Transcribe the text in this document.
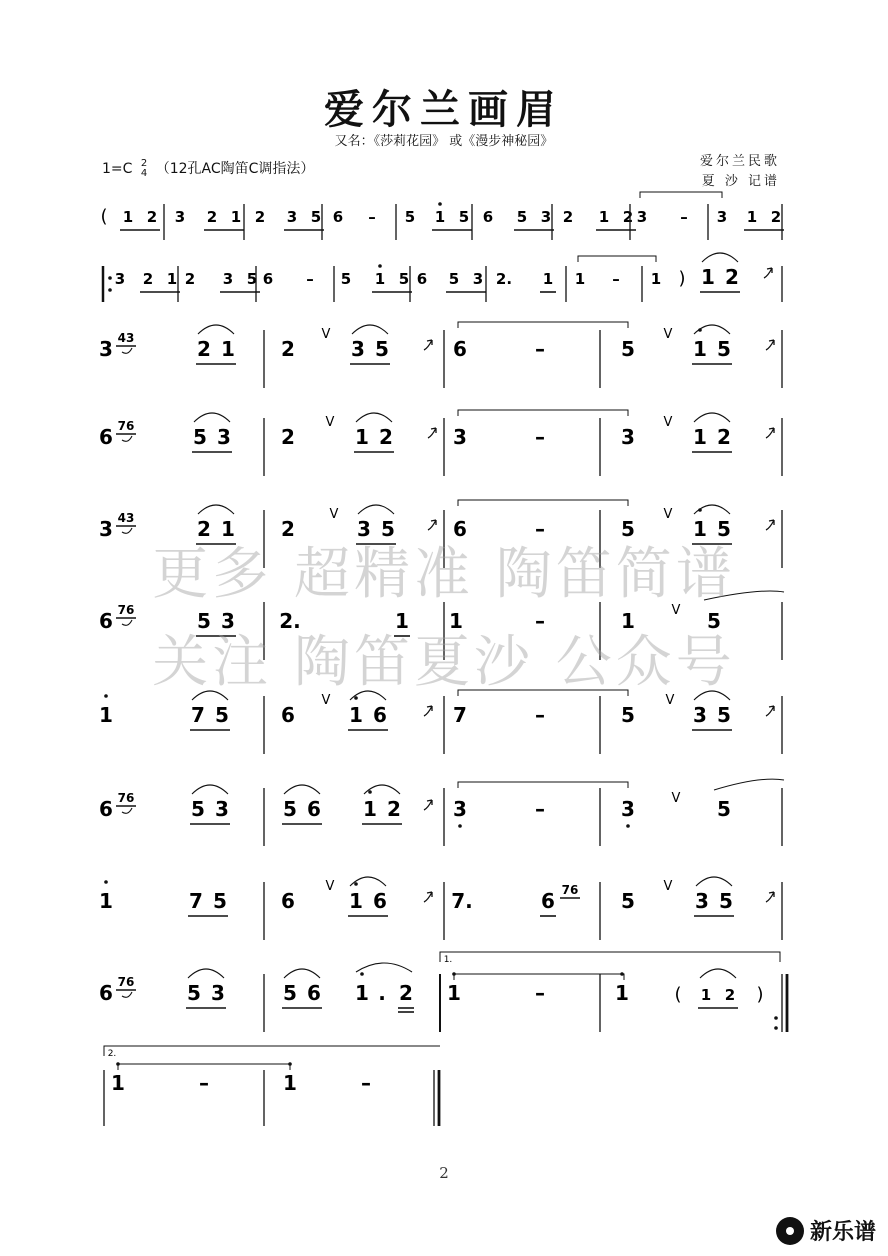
爱尔兰画眉
又名：《莎莉花园》 或《漫步神秘园》
1=C 2
4 （12孔AC陶笛C调指法）	爱尔兰民歌
夏 沙 记谱
( 1 2 3 2 1 2 3 5 6 – 5 1 5 6 5 3 2 1 2 3 – 3 1 2
3 2 1 2 3 5 6 – 5 1 5 6 5 3 2. 1 1 – 1 ) 1 2
3 43	2 1 2
V
3 5	6	–	5
V
1 5
6 76	5 3	2
V
1 2	3	–	3
V
1 2
3 43	2 1 2
V
3 5	6	–	5
V
1 5
6 76	5 3 2.	1 1	–	1	V 5
1	7 5	6
V
1 6	7	–	5
V
3 5
6 76	5 3	5 6 1 2	3	–	3	V 5
1	7 5	6
V
1 6	7.	6 76 5
V
3 5
6 76	5 3	5 6 1 . 2 1	–	1	( 1 2 )
1.
2.
1	–	1	–
更多 超精准 陶笛简谱
关注 陶笛夏沙 公众号
2
新乐谱
